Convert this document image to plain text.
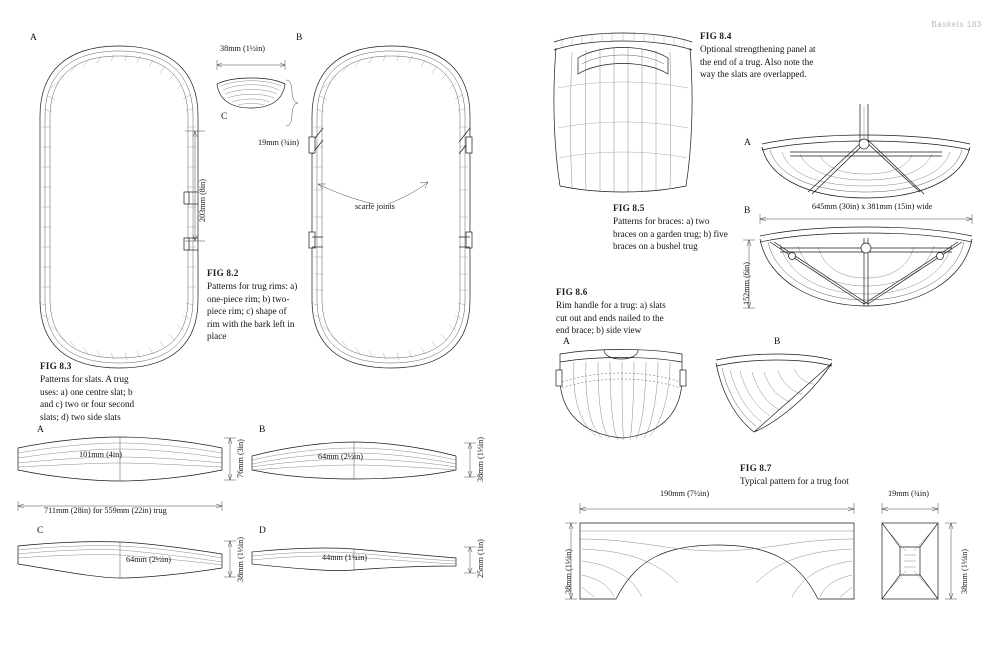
Baskets 183
A	B
38mm (1½in)
C
19mm (¾in)
203mm (8in)	scarfe joints
FIG 8.2
Patterns for trug rims: a) one-piece rim; b) two-piece rim; c) shape of rim with the bark left in place
FIG 8.3
Patterns for slats. A trug uses: a) one centre slat; b and c) two or four second slats; d) two side slats
A
101mm (4in)	76mm (3in)
711mm (28in) for 559mm (22in) trug
B
64mm (2½in)	38mm (1½in)
C
64mm (2½in)	38mm (1½in)
D
44mm (1¾in)	25mm (1in)
FIG 8.4
Optional strengthening panel at the end of a trug. Also note the way the slats are overlapped.
A
B	645mm (30in) x 381mm (15in) wide
152mm (6in)
FIG 8.5
Patterns for braces: a) two braces on a garden trug; b) five braces on a bushel trug
FIG 8.6
Rim handle for a trug: a) slats cut out and ends nailed to the end brace; b) side view
A	B
FIG 8.7
Typical pattern for a trug foot
190mm (7½in)
38mm (1½in)
19mm (¾in)
38mm (1½in)
